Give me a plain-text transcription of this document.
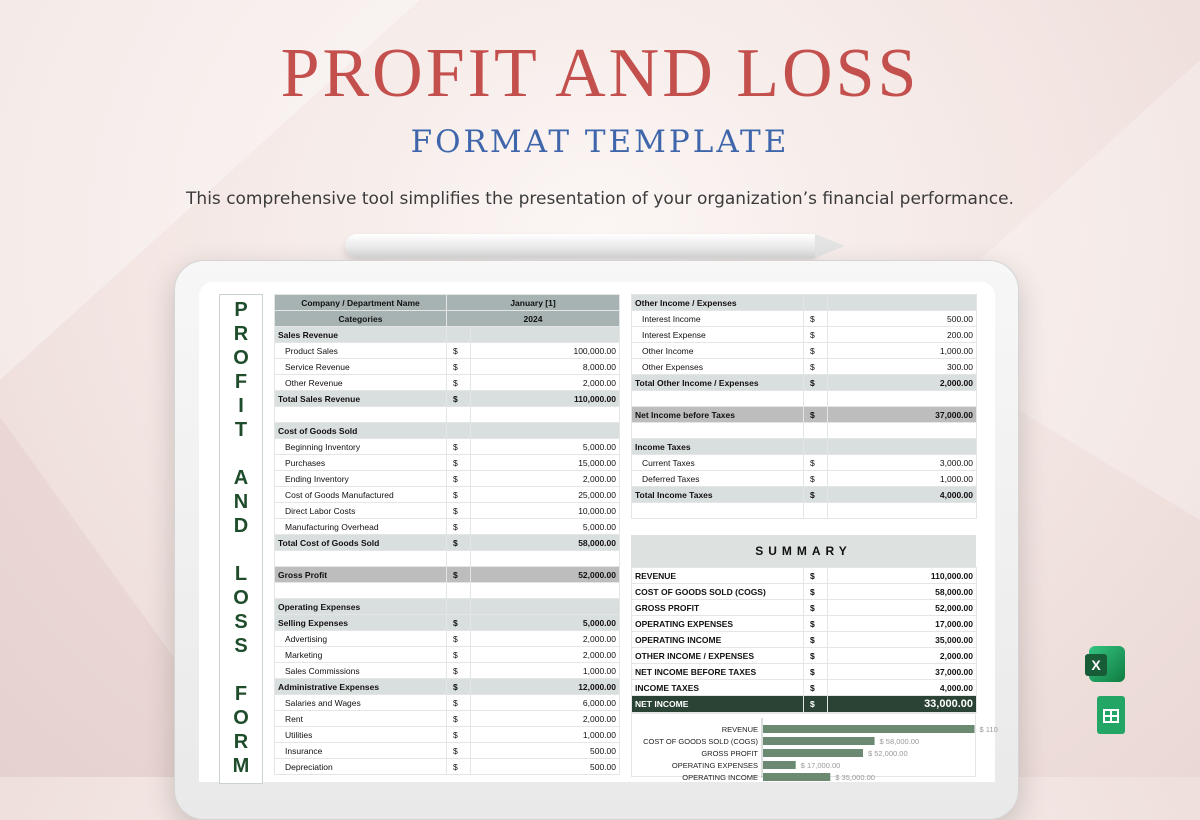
PROFIT AND LOSS
FORMAT TEMPLATE
This comprehensive tool simplifies the presentation of your organization’s financial performance.
P
R
O
F
I
T
A
N
D
L
O
S
S
F
O
R
M
Company / Department Name	January [1]	
Categories	2024	
Sales Revenue		
Product Sales	$	100,000.00
Service Revenue	$	8,000.00
Other Revenue	$	2,000.00
Total Sales Revenue	$	110,000.00

Cost of Goods Sold		
Beginning Inventory	$	5,000.00
Purchases	$	15,000.00
Ending Inventory	$	2,000.00
Cost of Goods Manufactured	$	25,000.00
Direct Labor Costs	$	10,000.00
Manufacturing Overhead	$	5,000.00
Total Cost of Goods Sold	$	58,000.00

Gross Profit	$	52,000.00

Operating Expenses		
Selling Expenses	$	5,000.00
Advertising	$	2,000.00
Marketing	$	2,000.00
Sales Commissions	$	1,000.00
Administrative Expenses	$	12,000.00
Salaries and Wages	$	6,000.00
Rent	$	2,000.00
Utilities	$	1,000.00
Insurance	$	500.00
Depreciation	$	500.00
Other Income / Expenses		
Interest Income	$	500.00
Interest Expense	$	200.00
Other Income	$	1,000.00
Other Expenses	$	300.00
Total Other Income / Expenses	$	2,000.00

Net Income before Taxes	$	37,000.00

Income Taxes		
Current Taxes	$	3,000.00
Deferred Taxes	$	1,000.00
Total Income Taxes	$	4,000.00

SUMMARY
REVENUE	$	110,000.00
COST OF GOODS SOLD (COGS)	$	58,000.00
GROSS PROFIT	$	52,000.00
OPERATING EXPENSES	$	17,000.00
OPERATING INCOME	$	35,000.00
OTHER INCOME / EXPENSES	$	2,000.00
NET INCOME BEFORE TAXES	$	37,000.00
INCOME TAXES	$	4,000.00
NET INCOME	$	33,000.00
REVENUE	$ 110
COST OF GOODS SOLD (COGS)	$ 58,000.00
GROSS PROFIT	$ 52,000.00
OPERATING EXPENSES	$ 17,000.00
OPERATING INCOME	$ 35,000.00
X
